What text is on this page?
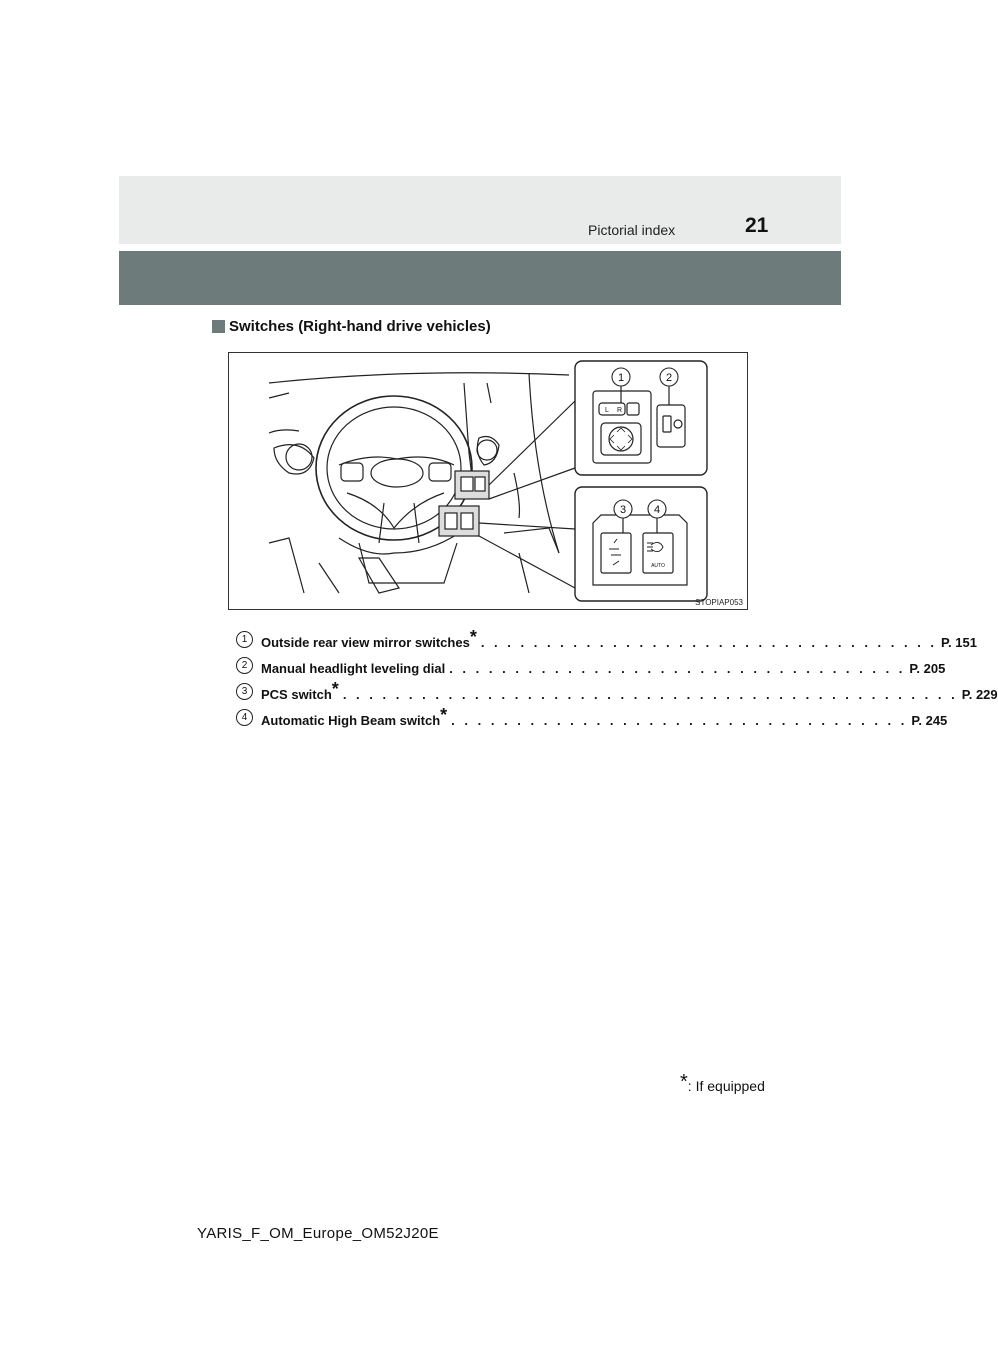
Pictorial index	21
Switches (Right-hand drive vehicles)
1	2
3	4
L R
AUTO
STOPIAP053
1	Outside rear view mirror switches* . . . . . . . . . . . . . . . . . . . . . . . . . . . . . . . . . . . P. 151
2	Manual headlight leveling dial . . . . . . . . . . . . . . . . . . . . . . . . . . . . . . . . . . . P. 205
3	PCS switch* . . . . . . . . . . . . . . . . . . . . . . . . . . . . . . . . . . . . . . . . . . . . . . . P. 229
4	Automatic High Beam switch* . . . . . . . . . . . . . . . . . . . . . . . . . . . . . . . . . . . P. 245
*: If equipped
YARIS_F_OM_Europe_OM52J20E
